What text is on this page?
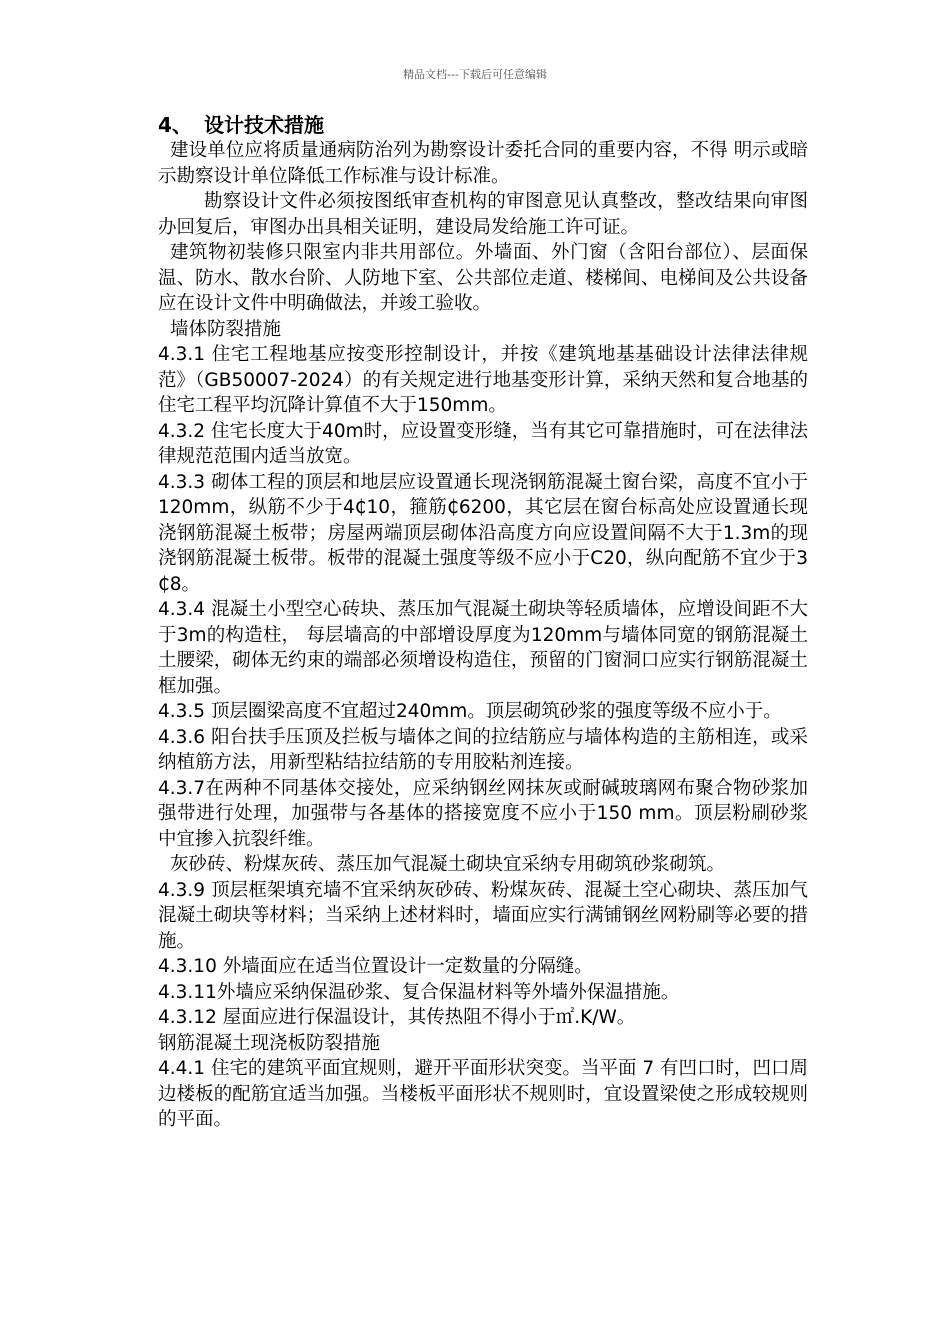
精品文档---下载后可任意编辑

4、 设计技术措施

建设单位应将质量通病防治列为勘察设计委托合同的重要内容，不得 明示或暗示勘察设计单位降低工作标准与设计标准。

勘察设计文件必须按图纸审查机构的审图意见认真整改，整改结果向审图办回复后，审图办出具相关证明，建设局发给施工许可证。

建筑物初装修只限室内非共用部位。外墙面、外门窗（含阳台部位）、层面保温、防水、散水台阶、人防地下室、公共部位走道、楼梯间、电梯间及公共设备应在设计文件中明确做法，并竣工验收。

墙体防裂措施

4.3.1 住宅工程地基应按变形控制设计，并按《建筑地基基础设计法律法律规范》（GB50007-2024）的有关规定进行地基变形计算，采纳天然和复合地基的住宅工程平均沉降计算值不大于150mm。

4.3.2 住宅长度大于40m时，应设置变形缝，当有其它可靠措施时，可在法律法律规范范围内适当放宽。

4.3.3 砌体工程的顶层和地层应设置通长现浇钢筋混凝土窗台梁，高度不宜小于120mm，纵筋不少于4₵10，箍筋₵6200，其它层在窗台标高处应设置通长现浇钢筋混凝土板带；房屋两端顶层砌体沿高度方向应设置间隔不大于1.3m的现浇钢筋混凝土板带。板带的混凝土强度等级不应小于C20，纵向配筋不宜少于3₵8。

4.3.4 混凝土小型空心砖块、蒸压加气混凝土砌块等轻质墙体，应增设间距不大于3m的构造柱， 每层墙高的中部增设厚度为120mm与墙体同宽的钢筋混凝土土腰梁，砌体无约束的端部必须增设构造住，预留的门窗洞口应实行钢筋混凝土框加强。

4.3.5 顶层圈梁高度不宜超过240mm。顶层砌筑砂浆的强度等级不应小于。

4.3.6 阳台扶手压顶及拦板与墙体之间的拉结筋应与墙体构造的主筋相连，或采纳植筋方法，用新型粘结拉结筋的专用胶粘剂连接。

4.3.7在两种不同基体交接处，应采纳钢丝网抹灰或耐碱玻璃网布聚合物砂浆加强带进行处理，加强带与各基体的搭接宽度不应小于150 mm。顶层粉刷砂浆中宜掺入抗裂纤维。

灰砂砖、粉煤灰砖、蒸压加气混凝土砌块宜采纳专用砌筑砂浆砌筑。

4.3.9 顶层框架填充墙不宜采纳灰砂砖、粉煤灰砖、混凝土空心砌块、蒸压加气混凝土砌块等材料；当采纳上述材料时，墙面应实行满铺钢丝网粉刷等必要的措施。

4.3.10 外墙面应在适当位置设计一定数量的分隔缝。

4.3.11外墙应采纳保温砂浆、复合保温材料等外墙外保温措施。

4.3.12 屋面应进行保温设计，其传热阻不得小于㎡.K/W。

钢筋混凝土现浇板防裂措施

4.4.1 住宅的建筑平面宜规则，避开平面形状突变。当平面 7 有凹口时，凹口周边楼板的配筋宜适当加强。当楼板平面形状不规则时，宜设置梁使之形成较规则的平面。
